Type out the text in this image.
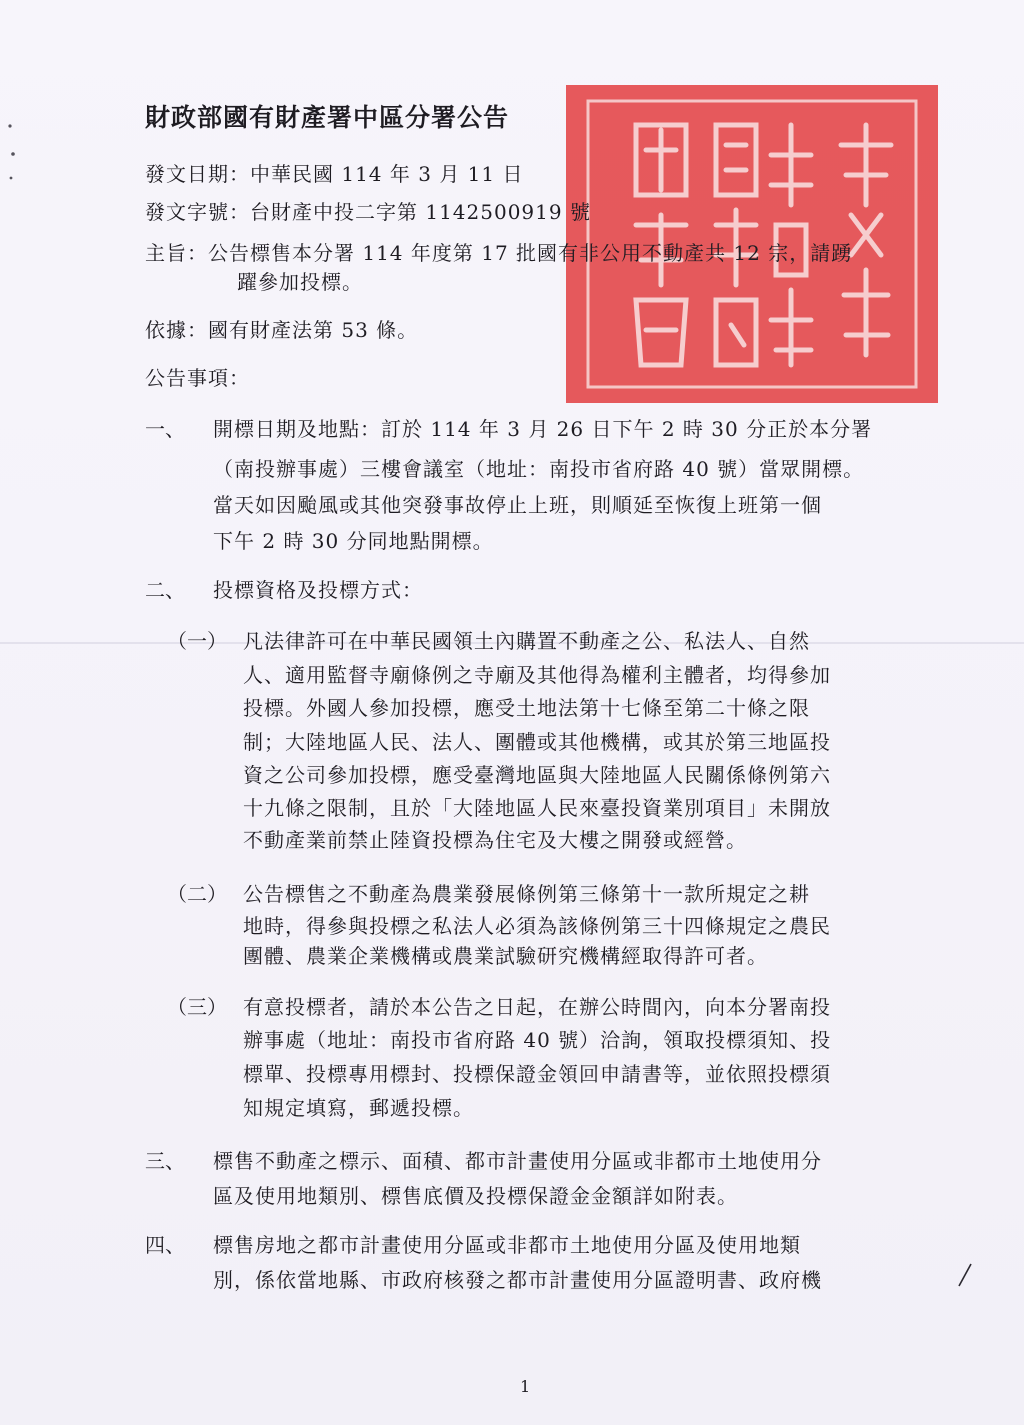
財政部國有財產署中區分署公告
發文日期：中華民國 114 年 3 月 11 日
發文字號：台財產中投二字第 1142500919 號
主旨：公告標售本分署 114 年度第 17 批國有非公用不動產共 12 宗，請踴
躍參加投標。
依據：國有財產法第 53 條。
公告事項：
一、 開標日期及地點：訂於 114 年 3 月 26 日下午 2 時 30 分正於本分署
（南投辦事處）三樓會議室（地址：南投市省府路 40 號）當眾開標。
當天如因颱風或其他突發事故停止上班，則順延至恢復上班第一個
下午 2 時 30 分同地點開標。
二、 投標資格及投標方式：
（一） 凡法律許可在中華民國領土內購置不動產之公、私法人、自然
人、適用監督寺廟條例之寺廟及其他得為權利主體者，均得參加
投標。外國人參加投標，應受土地法第十七條至第二十條之限
制；大陸地區人民、法人、團體或其他機構，或其於第三地區投
資之公司參加投標，應受臺灣地區與大陸地區人民關係條例第六
十九條之限制，且於「大陸地區人民來臺投資業別項目」未開放
不動產業前禁止陸資投標為住宅及大樓之開發或經營。
（二） 公告標售之不動產為農業發展條例第三條第十一款所規定之耕
地時，得參與投標之私法人必須為該條例第三十四條規定之農民
團體、農業企業機構或農業試驗研究機構經取得許可者。
（三） 有意投標者，請於本公告之日起，在辦公時間內，向本分署南投
辦事處（地址：南投市省府路 40 號）洽詢，領取投標須知、投
標單、投標專用標封、投標保證金領回申請書等，並依照投標須
知規定填寫，郵遞投標。
三、 標售不動產之標示、面積、都市計畫使用分區或非都市土地使用分
區及使用地類別、標售底價及投標保證金金額詳如附表。
四、 標售房地之都市計畫使用分區或非都市土地使用分區及使用地類
別，係依當地縣、市政府核發之都市計畫使用分區證明書、政府機
1
